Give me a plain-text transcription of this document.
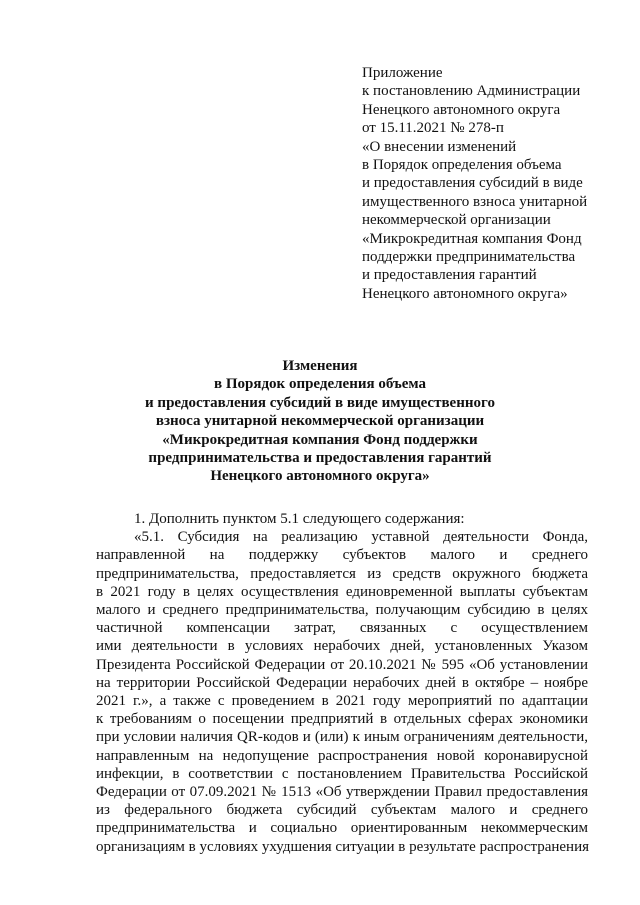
Приложение
к постановлению Администрации
Ненецкого автономного округа
от 15.11.2021 № 278-п
«О внесении изменений
в Порядок определения объема
и предоставления субсидий в виде
имущественного взноса унитарной
некоммерческой организации
«Микрокредитная компания Фонд
поддержки предпринимательства
и предоставления гарантий
Ненецкого автономного округа»
Изменения
в Порядок определения объема
и предоставления субсидий в виде имущественного
взноса унитарной некоммерческой организации
«Микрокредитная компания Фонд поддержки
предпринимательства и предоставления гарантий
Ненецкого автономного округа»
1. Дополнить пунктом 5.1 следующего содержания:
«5.1. Субсидия на реализацию уставной деятельности Фонда,
направленной на поддержку субъектов малого и среднего
предпринимательства, предоставляется из средств окружного бюджета
в 2021 году в целях осуществления единовременной выплаты субъектам
малого и среднего предпринимательства, получающим субсидию в целях
частичной компенсации затрат, связанных с осуществлением
ими деятельности в условиях нерабочих дней, установленных Указом
Президента Российской Федерации от 20.10.2021 № 595 «Об установлении
на территории Российской Федерации нерабочих дней в октябре – ноябре
2021 г.», а также с проведением в 2021 году мероприятий по адаптации
к требованиям о посещении предприятий в отдельных сферах экономики
при условии наличия QR-кодов и (или) к иным ограничениям деятельности,
направленным на недопущение распространения новой коронавирусной
инфекции, в соответствии с постановлением Правительства Российской
Федерации от 07.09.2021 № 1513 «Об утверждении Правил предоставления
из федерального бюджета субсидий субъектам малого и среднего
предпринимательства и социально ориентированным некоммерческим
организациям в условиях ухудшения ситуации в результате распространения
